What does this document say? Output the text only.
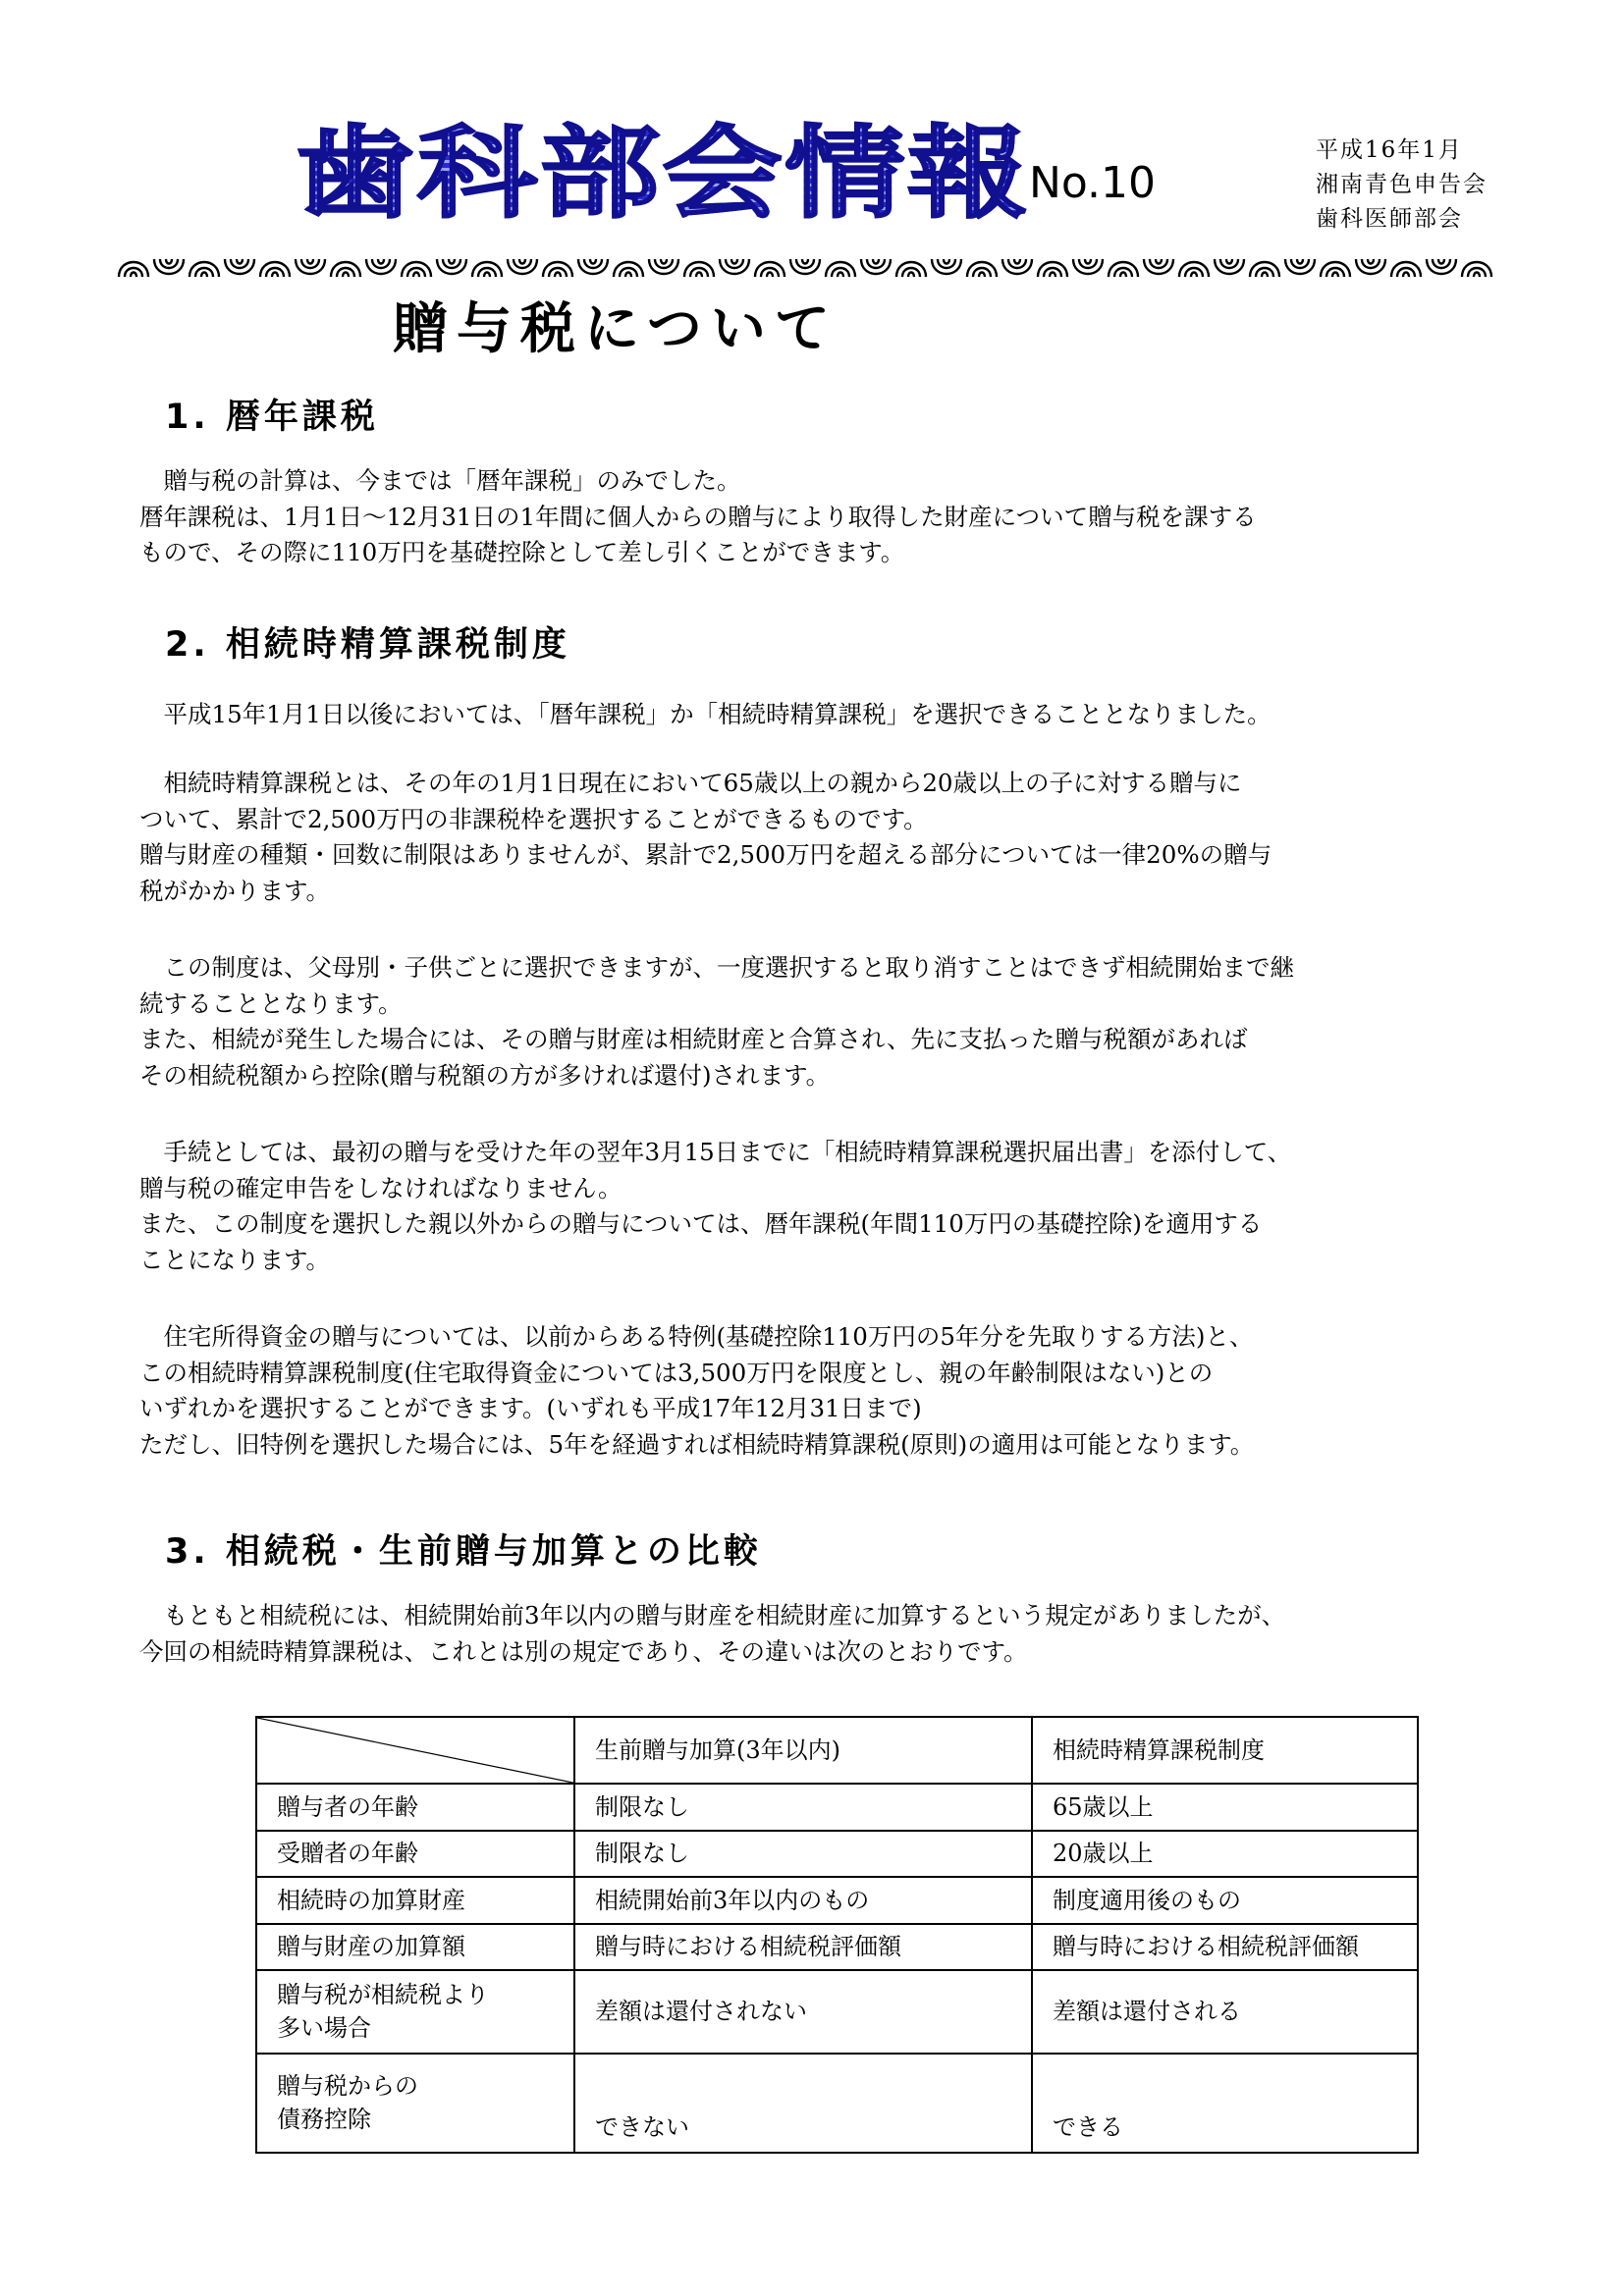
歯科部会情報 No.10
平成16年1月
湘南青色申告会
歯科医師部会
贈与税について
1. 暦年課税
　贈与税の計算は、今までは「暦年課税」のみでした。
暦年課税は、1月1日～12月31日の1年間に個人からの贈与により取得した財産について贈与税を課する
もので、その際に110万円を基礎控除として差し引くことができます。
2. 相続時精算課税制度
　平成15年1月1日以後においては、「暦年課税」か「相続時精算課税」を選択できることとなりました。
　相続時精算課税とは、その年の1月1日現在において65歳以上の親から20歳以上の子に対する贈与に
ついて、累計で2,500万円の非課税枠を選択することができるものです。
贈与財産の種類・回数に制限はありませんが、累計で2,500万円を超える部分については一律20%の贈与
税がかかります。
　この制度は、父母別・子供ごとに選択できますが、一度選択すると取り消すことはできず相続開始まで継
続することとなります。
また、相続が発生した場合には、その贈与財産は相続財産と合算され、先に支払った贈与税額があれば
その相続税額から控除(贈与税額の方が多ければ還付)されます。
　手続としては、最初の贈与を受けた年の翌年3月15日までに「相続時精算課税選択届出書」を添付して、
贈与税の確定申告をしなければなりません。
また、この制度を選択した親以外からの贈与については、暦年課税(年間110万円の基礎控除)を適用する
ことになります。
　住宅所得資金の贈与については、以前からある特例(基礎控除110万円の5年分を先取りする方法)と、
この相続時精算課税制度(住宅取得資金については3,500万円を限度とし、親の年齢制限はない)との
いずれかを選択することができます。(いずれも平成17年12月31日まで)
ただし、旧特例を選択した場合には、5年を経過すれば相続時精算課税(原則)の適用は可能となります。
3. 相続税・生前贈与加算との比較
　もともと相続税には、相続開始前3年以内の贈与財産を相続財産に加算するという規定がありましたが、
今回の相続時精算課税は、これとは別の規定であり、その違いは次のとおりです。
	生前贈与加算(3年以内)	相続時精算課税制度

贈与者の年齢	制限なし	65歳以上

受贈者の年齢	制限なし	20歳以上

相続時の加算財産	相続開始前3年以内のもの	制度適用後のもの

贈与財産の加算額	贈与時における相続税評価額	贈与時における相続税評価額

贈与税が相続税より
多い場合	差額は還付されない	差額は還付される

贈与税からの
債務控除	できない	できる
